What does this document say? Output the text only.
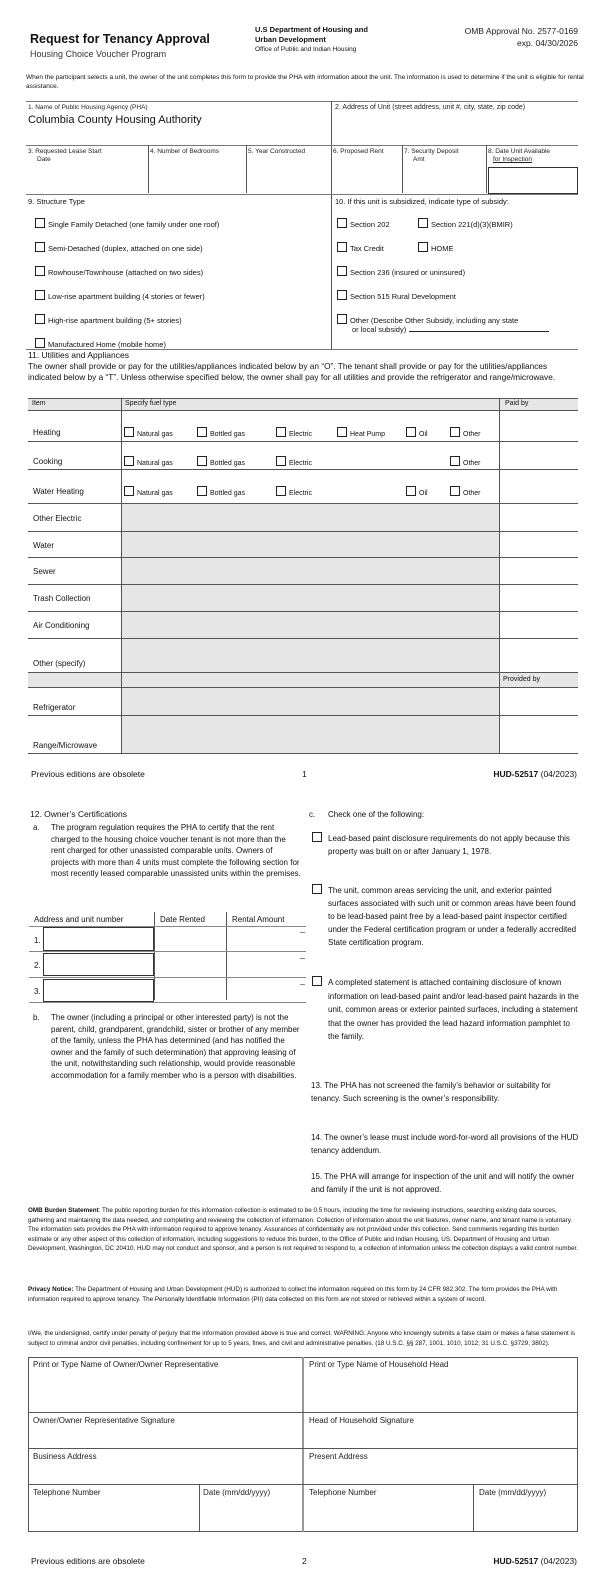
Request for Tenancy Approval
Housing Choice Voucher Program
U.S Department of Housing and
Urban Development
Office of Public and Indian Housing
OMB Approval No. 2577-0169
exp. 04/30/2026
When the participant selects a unit, the owner of the unit completes this form to provide the PHA with information about the unit. The information is used to determine if the unit is eligible for rental assistance.
1. Name of Public Housing Agency (PHA)
Columbia County Housing Authority
2. Address of Unit (street address, unit #, city, state, zip code)
3. Requested Lease Start
Date
4. Number of Bedrooms	5. Year Constructed	6. Proposed Rent	7. Security Deposit
Amt
8. Date Unit Available
for Inspection
9. Structure Type
Single Family Detached (one family under one roof)
Semi-Detached (duplex, attached on one side)
Rowhouse/Townhouse (attached on two sides)
Low-rise apartment building (4 stories or fewer)
High-rise apartment building (5+ stories)
Manufactured Home (mobile home)
10. If this unit is subsidized, indicate type of subsidy:
Section 202	Section 221(d)(3)(BMIR)
Tax Credit	HOME
Section 236 (insured or uninsured)
Section 515 Rural Development
Other (Describe Other Subsidy, including any state
or local subsidy)
11. Utilities and Appliances
The owner shall provide or pay for the utilities/appliances indicated below by an “O”. The tenant shall provide or pay for the utilities/appliances indicated below by a “T”. Unless otherwise specified below, the owner shall pay for all utilities and provide the refrigerator and range/microwave.
Item	Specify fuel type	Paid by
Provided by
Heating	Natural gas	Bottled gas	Electric	Heat Pump	Oil	Other
Cooking	Natural gas	Bottled gas	Electric	Other
Water Heating	Natural gas	Bottled gas	Electric	Oil	Other
Other Electric
Water
Sewer
Trash Collection
Air Conditioning
Other (specify)
Refrigerator
Range/Microwave
Previous editions are obsolete	1	HUD-52517 (04/2023)
12. Owner’s Certifications
a. The program regulation requires the PHA to certify that the rent charged to the housing choice voucher tenant is not more than the rent charged for other unassisted comparable units. Owners of projects with more than 4 units must complete the following section for most recently leased comparable unassisted units within the premises.
Address and unit number	Date Rented	Rental Amount
1.
2.
3.
b. The owner (including a principal or other interested party) is not the parent, child, grandparent, grandchild, sister or brother of any member of the family, unless the PHA has determined (and has notified the owner and the family of such determination) that approving leasing of the unit, notwithstanding such relationship, would provide reasonable accommodation for a family member who is a person with disabilities.
c. Check one of the following:
Lead-based paint disclosure requirements do not apply because this property was built on or after January 1, 1978.
The unit, common areas servicing the unit, and exterior painted surfaces associated with such unit or common areas have been found to be lead-based paint free by a lead-based paint inspector certified under the Federal certification program or under a federally accredited State certification program.
A completed statement is attached containing disclosure of known information on lead-based paint and/or lead-based paint hazards in the unit, common areas or exterior painted surfaces, including a statement that the owner has provided the lead hazard information pamphlet to the family.
13. The PHA has not screened the family’s behavior or suitability for tenancy. Such screening is the owner’s responsibility.
14. The owner’s lease must include word-for-word all provisions of the HUD tenancy addendum.
15. The PHA will arrange for inspection of the unit and will notify the owner and family if the unit is not approved.
OMB Burden Statement: The public reporting burden for this information collection is estimated to be 0.5 hours, including the time for reviewing instructions, searching existing data sources, gathering and maintaining the data needed, and completing and reviewing the collection of information. Collection of information about the unit features, owner name, and tenant name is voluntary. The information sets provides the PHA with information required to approve tenancy. Assurances of confidentiality are not provided under this collection. Send comments regarding this burden estimate or any other aspect of this collection of information, including suggestions to reduce this burden, to the Office of Public and Indian Housing, US. Department of Housing and Urban Development, Washington, DC 20410. HUD may not conduct and sponsor, and a person is not required to respond to, a collection of information unless the collection displays a valid control number.
Privacy Notice: The Department of Housing and Urban Development (HUD) is authorized to collect the information required on this form by 24 CFR 982.302. The form provides the PHA with information required to approve tenancy. The Personally Identifiable Information (PII) data collected on this form are not stored or retrieved within a system of record.
I/We, the undersigned, certify under penalty of perjury that the information provided above is true and correct. WARNING: Anyone who knowingly submits a false claim or makes a false statement is subject to criminal and/or civil penalties, including confinement for up to 5 years, fines, and civil and administrative penalties. (18 U.S.C. §§ 287, 1001, 1010, 1012; 31 U.S.C. §3729, 3802).
Print or Type Name of Owner/Owner Representative	Print or Type Name of Household Head
Owner/Owner Representative Signature	Head of Household Signature
Business Address	Present Address
Telephone Number	Date (mm/dd/yyyy)	Telephone Number	Date (mm/dd/yyyy)
Previous editions are obsolete	2	HUD-52517 (04/2023)
